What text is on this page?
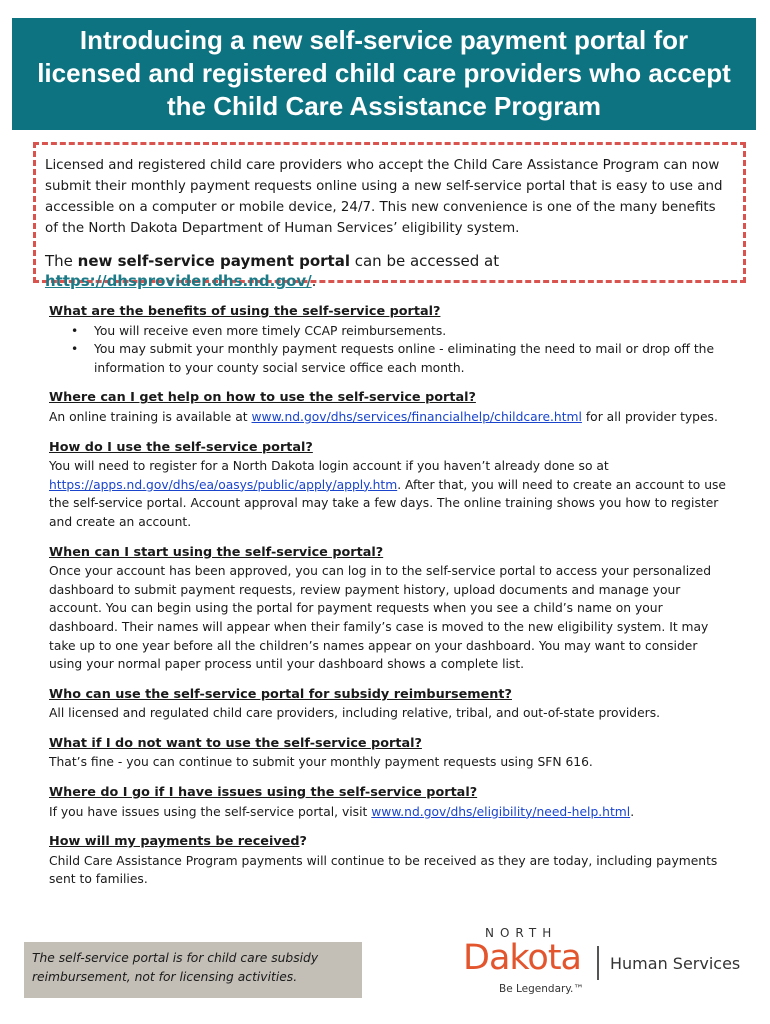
Introducing a new self-service payment portal for licensed and registered child care providers who accept the Child Care Assistance Program

Licensed and registered child care providers who accept the Child Care Assistance Program can now submit their monthly payment requests online using a new self-service portal that is easy to use and accessible on a computer or mobile device, 24/7. This new convenience is one of the many benefits of the North Dakota Department of Human Services’ eligibility system.

The new self-service payment portal can be accessed at https://dhsprovider.dhs.nd.gov/.

What are the benefits of using the self-service portal?

• You will receive even more timely CCAP reimbursements.
• You may submit your monthly payment requests online - eliminating the need to mail or drop off the information to your county social service office each month.

Where can I get help on how to use the self-service portal?

An online training is available at www.nd.gov/dhs/services/financialhelp/childcare.html for all provider types.

How do I use the self-service portal?

You will need to register for a North Dakota login account if you haven’t already done so at https://apps.nd.gov/dhs/ea/oasys/public/apply/apply.htm. After that, you will need to create an account to use the self-service portal. Account approval may take a few days. The online training shows you how to register and create an account.

When can I start using the self-service portal?

Once your account has been approved, you can log in to the self-service portal to access your personalized dashboard to submit payment requests, review payment history, upload documents and manage your account. You can begin using the portal for payment requests when you see a child’s name on your dashboard. Their names will appear when their family’s case is moved to the new eligibility system. It may take up to one year before all the children’s names appear on your dashboard. You may want to consider using your normal paper process until your dashboard shows a complete list.

Who can use the self-service portal for subsidy reimbursement?

All licensed and regulated child care providers, including relative, tribal, and out-of-state providers.

What if I do not want to use the self-service portal?

That’s fine - you can continue to submit your monthly payment requests using SFN 616.

Where do I go if I have issues using the self-service portal?

If you have issues using the self-service portal, visit www.nd.gov/dhs/eligibility/need-help.html.

How will my payments be received?

Child Care Assistance Program payments will continue to be received as they are today, including payments sent to families.

The self-service portal is for child care subsidy reimbursement, not for licensing activities.
NORTH
Dakota Human Services
Be Legendary.™
